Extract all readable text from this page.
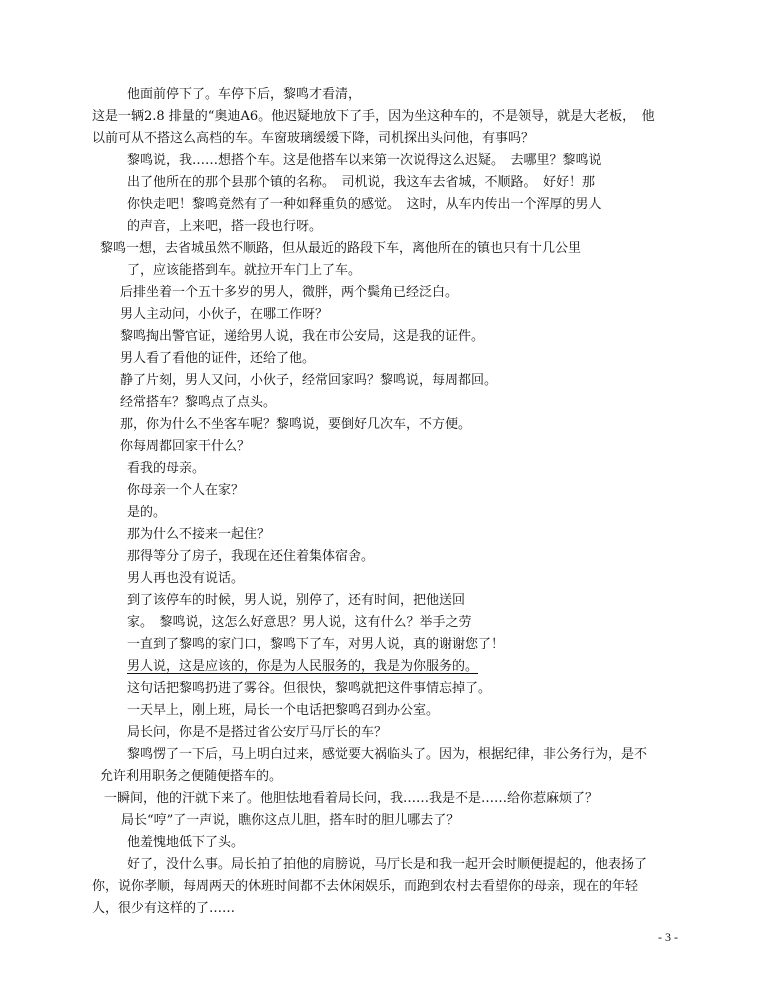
他面前停下了。车停下后，黎鸣才看清，
这是一辆2.8 排量的“奥迪A6。他迟疑地放下了手，因为坐这种车的，不是领导，就是大老板，　他
以前可从不搭这么高档的车。车窗玻璃缓缓下降，司机探出头问他，有事吗？
黎鸣说，我……想搭个车。这是他搭车以来第一次说得这么迟疑。　去哪里？黎鸣说
出了他所在的那个县那个镇的名称。　司机说，我这车去省城，不顺路。　好好！那
你快走吧！黎鸣竟然有了一种如释重负的感觉。　这时，从车内传出一个浑厚的男人
的声音，上来吧，搭一段也行呀。
黎鸣一想，去省城虽然不顺路，但从最近的路段下车，离他所在的镇也只有十几公里
了，应该能搭到车。就拉开车门上了车。
后排坐着一个五十多岁的男人，微胖，两个鬓角已经泛白。
男人主动问，小伙子，在哪工作呀？
黎鸣掏出警官证，递给男人说，我在市公安局，这是我的证件。
男人看了看他的证件，还给了他。
静了片刻，男人又问，小伙子，经常回家吗？黎鸣说，每周都回。
经常搭车？黎鸣点了点头。
那，你为什么不坐客车呢？黎鸣说，要倒好几次车，不方便。
你每周都回家干什么？
看我的母亲。
你母亲一个人在家？
是的。
那为什么不接来一起住？
那得等分了房子，我现在还住着集体宿舍。
男人再也没有说话。
到了该停车的时候，男人说，别停了，还有时间，把他送回
家。　黎鸣说，这怎么好意思？男人说，这有什么？举手之劳
一直到了黎鸣的家门口，黎鸣下了车，对男人说，真的谢谢您了！
男人说，这是应该的，你是为人民服务的，我是为你服务的。
这句话把黎鸣扔进了雾谷。但很快，黎鸣就把这件事情忘掉了。
一天早上，刚上班，局长一个电话把黎鸣召到办公室。
局长问，你是不是搭过省公安厅马厅长的车？
黎鸣愣了一下后，马上明白过来，感觉要大祸临头了。因为，根据纪律，非公务行为，是不
允许利用职务之便随便搭车的。
一瞬间，他的汗就下来了。他胆怯地看着局长问，我……我是不是……给你惹麻烦了？
局长“哼”了一声说，瞧你这点儿胆，搭车时的胆儿哪去了？
他羞愧地低下了头。
好了，没什么事。局长拍了拍他的肩膀说，马厅长是和我一起开会时顺便提起的，他表扬了
你，说你孝顺，每周两天的休班时间都不去休闲娱乐，而跑到农村去看望你的母亲，现在的年轻
人，很少有这样的了……
- 3 -
